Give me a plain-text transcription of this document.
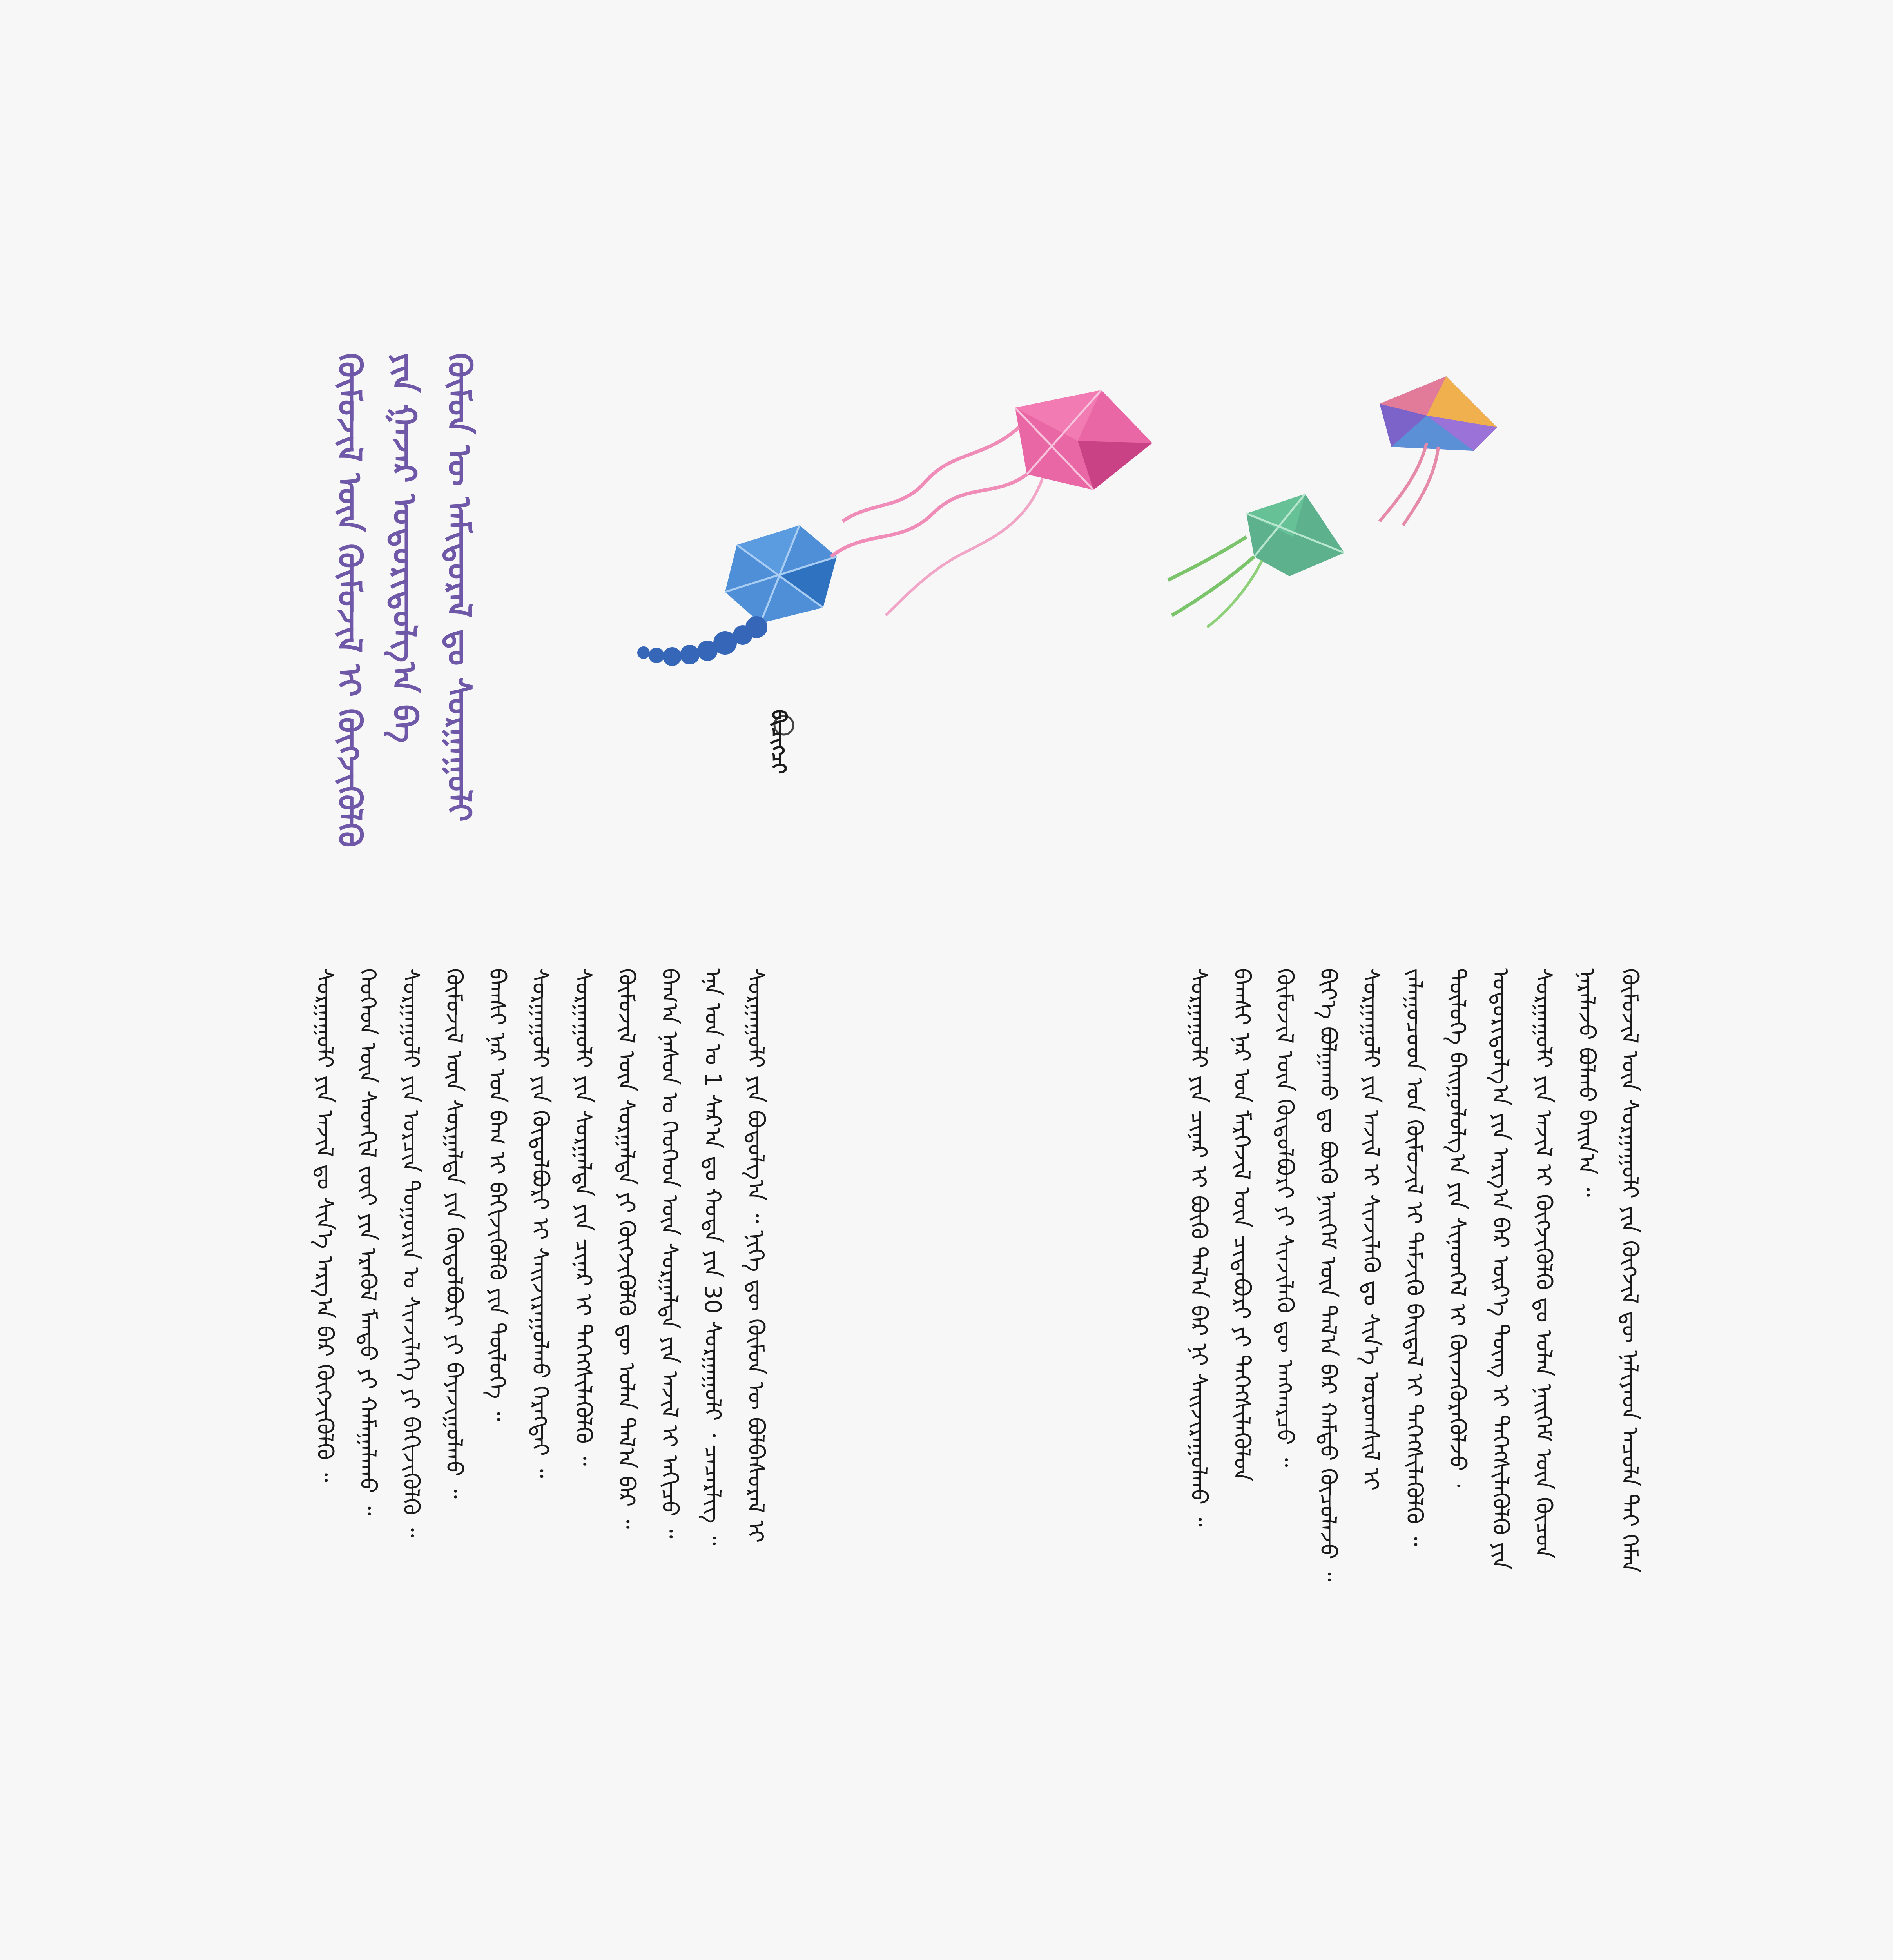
ᠬᠦᠮᠦᠨ ᠦ ᠠᠮᠢᠳᠤᠷᠠᠯ ᠳᠤ ᠰᠤᠷᠭᠠᠭᠤᠯᠢ
ᠶᠢᠨ ᠭᠠᠵᠠᠷ ᠤᠳᠤᠷᠢᠳᠤᠯᠭ᠎ᠠ ᠪᠠ
ᠬᠦᠮᠦᠵᠢᠯ ᠦᠨ ᠬᠦᠮᠦᠵᠢᠯ ᠢ ᠬᠥᠭᠵᠢᠭᠦᠯᠬᠦ	ᠪᠢᠴᠢᠭᠴᠢ
ᠬᠦᠮᠦᠵᠢᠯ ᠦᠨ ᠰᠤᠷᠭᠠᠭᠤᠯᠢ ᠶᠢᠨ ᠬᠥᠭᠵᠢᠯ ᠳᠦ ᠨᠡᠯᠢᠶᠡᠳ ᠠᠴᠤᠯᠠ ᠲᠠᠢ ᠬᠡᠮᠡᠨ
ᠨᠡᠷᠡᠯᠡᠵᠦ ᠪᠣᠯᠬᠤ ᠪᠠᠢᠨ᠎ᠠ ᠃
ᠰᠤᠷᠭᠠᠭᠤᠯᠢ ᠶᠢᠨ ᠠᠵᠢᠯ ᠢ ᠬᠥᠭᠵᠢᠭᠦᠯᠬᠦ ᠳᠤ ᠣᠯᠠᠨ ᠨᠡᠢᠭᠡᠮ ᠦᠨ ᠬᠦᠴᠦᠨ
ᠤᠳᠤᠷᠢᠳᠤᠯᠭ᠎ᠠ ᠶᠢᠨ ᠠᠷᠭ᠎ᠠ ᠪᠠᠷ ᠦᠷ᠎ᠡ ᠳᠦᠩ ᠢ ᠳᠡᠭᠡᠭᠰᠢᠯᠡᠭᠦᠯᠬᠦ ᠶᠢᠨ
ᠲᠥᠯᠥᠭᠡ ᠪᠠᠢᠭᠤᠯᠤᠯᠭ᠎ᠠ ᠶᠢᠨ ᠰᠢᠨᠡᠳᠬᠡᠯ ᠢ ᠭᠦᠨᠵᠡᠭᠦᠷᠡᠭᠦᠯᠵᠦ ᠂
ᠵᠠᠯᠠᠭᠤᠴᠤᠳ ᠤᠨ ᠬᠦᠮᠦᠵᠢᠯ ᠢ ᠳᠡᠮᠵᠢᠬᠦ ᠪᠠᠢᠳᠠᠯ ᠢ ᠳᠡᠭᠡᠭᠰᠢᠯᠡᠭᠦᠯᠬᠦ ᠃
ᠰᠤᠷᠭᠠᠭᠤᠯᠢ ᠶᠢᠨ ᠠᠵᠢᠯ ᠢ ᠰᠢᠨᠵᠢᠯᠡᠬᠦ ᠳᠤ ᠰᠢᠨ᠎ᠡ ᠤᠷᠤᠭᠰᠢᠯ ᠢ
ᠪᠢᠢ᠎ᠡ ᠪᠣᠯᠭᠠᠬᠤ ᠳᠤ ᠪᠦᠬᠦ ᠨᠡᠢᠭᠡᠮ ᠦᠨ ᠲᠠᠯ᠎ᠠ ᠪᠠᠷ ᠬᠠᠮᠲᠤ ᠬᠦᠴᠦᠯᠡᠵᠦ ᠃
ᠬᠦᠮᠦᠵᠢᠯ ᠦᠨ ᠬᠥᠲᠦᠯᠪᠦᠷᠢ ᠶᠢ ᠰᠢᠨᠵᠢᠯᠡᠬᠦ ᠳᠦ ᠠᠩᠬᠠᠷᠴᠤ ᠃
ᠪᠠᠭᠰᠢ ᠨᠠᠷ ᠤᠨ ᠮᠡᠷᠭᠡᠵᠢᠯ ᠦᠨ ᠴᠢᠳᠠᠪᠤᠷᠢ ᠶᠢ ᠳᠡᠭᠡᠭᠰᠢᠯᠡᠭᠦᠯᠦᠨ
ᠰᠤᠷᠭᠠᠭᠤᠯᠢ ᠶᠢᠨ ᠴᠢᠨᠠᠷ ᠢ ᠪᠦᠬᠦ ᠲᠠᠯ᠎ᠠ ᠪᠠᠷ ᠨᠢ ᠰᠠᠢᠵᠢᠷᠠᠭᠤᠯᠬᠤ ᠃
ᠰᠤᠷᠭᠠᠭᠤᠯᠢ ᠶᠢᠨ ᠪᠣᠳᠤᠯᠭ᠎ᠠ ᠃ ᠨᠢᠭᠡ ᠳᠦ ᠬᠦᠮᠦᠨ ᠦ ᠪᠣᠯᠪᠠᠰᠤᠷᠠᠯ ᠢ
ᠡᠨᠡ ᠣᠨ ᠤ 1 ᠰᠠᠷ᠎ᠠ ᠳᠤ ᠬᠣᠲᠠ ᠶᠢᠨ 30 ᠰᠤᠷᠭᠠᠭᠤᠯᠢ ᠂ ᠴᠡᠴᠡᠷᠯᠢᠭ ᠃
ᠪᠠᠭ᠎ᠠ ᠨᠠᠰᠤᠨ ᠤ ᠬᠡᠦᠬᠡᠳ ᠦᠨ ᠰᠤᠷᠭᠠᠯᠲᠠ ᠶᠢᠨ ᠠᠵᠢᠯ ᠢ ᠠᠬᠢᠴᠤ ᠃
ᠬᠦᠮᠦᠵᠢᠯ ᠦᠨ ᠰᠤᠷᠭᠠᠯᠲᠠ ᠶᠢ ᠬᠥᠭᠵᠢᠭᠦᠯᠬᠦ ᠳᠦ ᠣᠯᠠᠨ ᠲᠠᠯ᠎ᠠ ᠪᠠᠷ ᠃
ᠰᠤᠷᠭᠠᠭᠤᠯᠢ ᠶᠢᠨ ᠰᠤᠷᠭᠠᠯᠲᠠ ᠶᠢᠨ ᠴᠢᠨᠠᠷ ᠢ ᠳᠡᠭᠡᠭᠰᠢᠯᠡᠭᠦᠯᠬᠦ ᠃
ᠰᠤᠷᠭᠠᠭᠤᠯᠢ ᠶᠢᠨ ᠬᠥᠲᠦᠯᠪᠦᠷᠢ ᠢ ᠰᠠᠢᠵᠢᠷᠠᠭᠤᠯᠬᠤ ᠬᠡᠷᠡᠭᠲᠡᠢ ᠃
ᠪᠠᠭᠰᠢ ᠨᠠᠷ ᠤᠨ ᠪᠠᠭ ᠢ ᠪᠡᠬᠢᠵᠢᠭᠦᠯᠬᠦ ᠶᠢᠨ ᠲᠥᠯᠥᠭᠡ ᠃
ᠬᠦᠮᠦᠵᠢᠯ ᠦᠨ ᠰᠤᠷᠭᠠᠯᠲᠠ ᠶᠢᠨ ᠬᠥᠲᠦᠯᠪᠦᠷᠢ ᠶᠢ ᠪᠠᠶᠠᠵᠢᠭᠤᠯᠬᠤ ᠃
ᠰᠤᠷᠭᠠᠭᠤᠯᠢ ᠶᠢᠨ ᠣᠷᠴᠢᠨ ᠳᠣᠭᠣᠷᠢᠨ ᠤ ᠰᠢᠨᠵᠢᠯᠡᠭᠡ ᠶᠢ ᠪᠡᠬᠢᠵᠢᠭᠦᠯᠬᠦ ᠃
ᠬᠡᠦᠬᠡᠳ ᠦᠨ ᠰᠡᠳᠬᠢᠯ ᠵᠦᠢ ᠶᠢᠨ ᠡᠷᠡᠭᠦᠯ ᠮᠡᠨᠳᠦ ᠶᠢ ᠬᠠᠮᠠᠭᠠᠯᠠᠬᠤ ᠃
ᠰᠤᠷᠭᠠᠭᠤᠯᠢ ᠶᠢᠨ ᠠᠵᠢᠯ ᠳᠤ ᠰᠢᠨ᠎ᠡ ᠠᠷᠭ᠎ᠠ ᠪᠠᠷ ᠬᠥᠭᠵᠢᠭᠦᠯᠬᠦ ᠃
